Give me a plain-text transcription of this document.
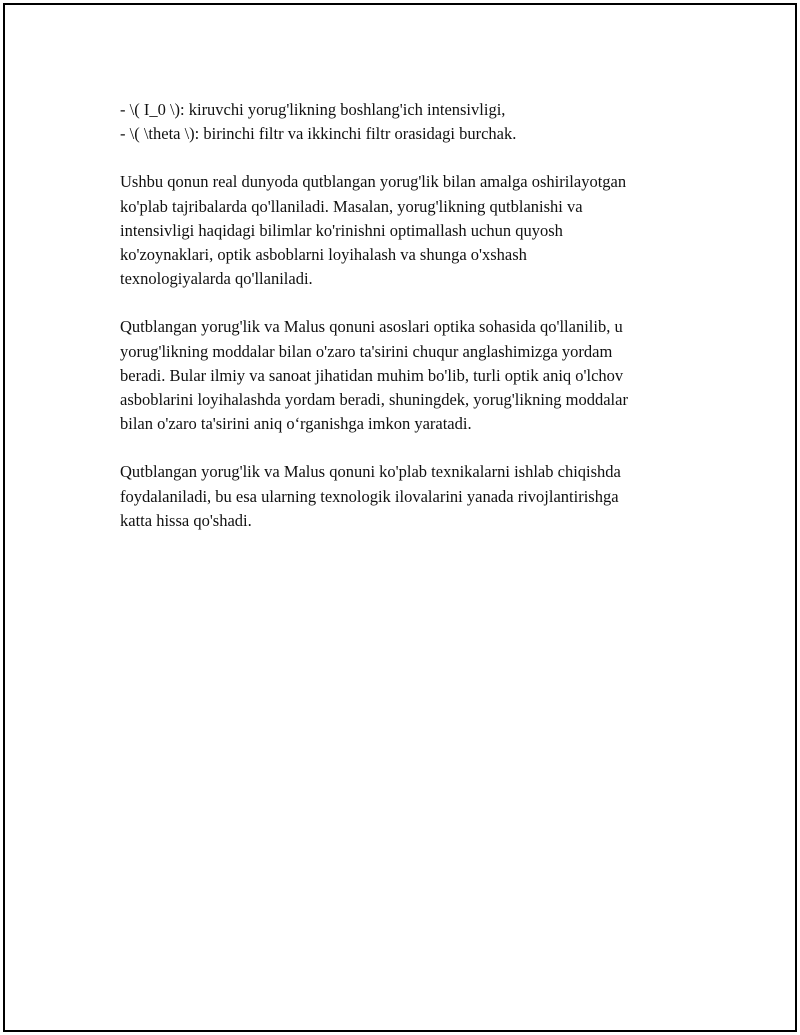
- \( I_0 \): kiruvchi yorug'likning boshlang'ich intensivligi,
- \( \theta \): birinchi filtr va ikkinchi filtr orasidagi burchak.
Ushbu qonun real dunyoda qutblangan yorug'lik bilan amalga oshirilayotgan
ko'plab tajribalarda qo'llaniladi. Masalan, yorug'likning qutblanishi va
intensivligi haqidagi bilimlar ko'rinishni optimallash uchun quyosh
ko'zoynaklari, optik asboblarni loyihalash va shunga o'xshash
texnologiyalarda qo'llaniladi.
Qutblangan yorug'lik va Malus qonuni asoslari optika sohasida qo'llanilib, u
yorug'likning moddalar bilan o'zaro ta'sirini chuqur anglashimizga yordam
beradi. Bular ilmiy va sanoat jihatidan muhim bo'lib, turli optik aniq o'lchov
asboblarini loyihalashda yordam beradi, shuningdek, yorug'likning moddalar
bilan o'zaro ta'sirini aniq o‘rganishga imkon yaratadi.
Qutblangan yorug'lik va Malus qonuni ko'plab texnikalarni ishlab chiqishda
foydalaniladi, bu esa ularning texnologik ilovalarini yanada rivojlantirishga
katta hissa qo'shadi.
